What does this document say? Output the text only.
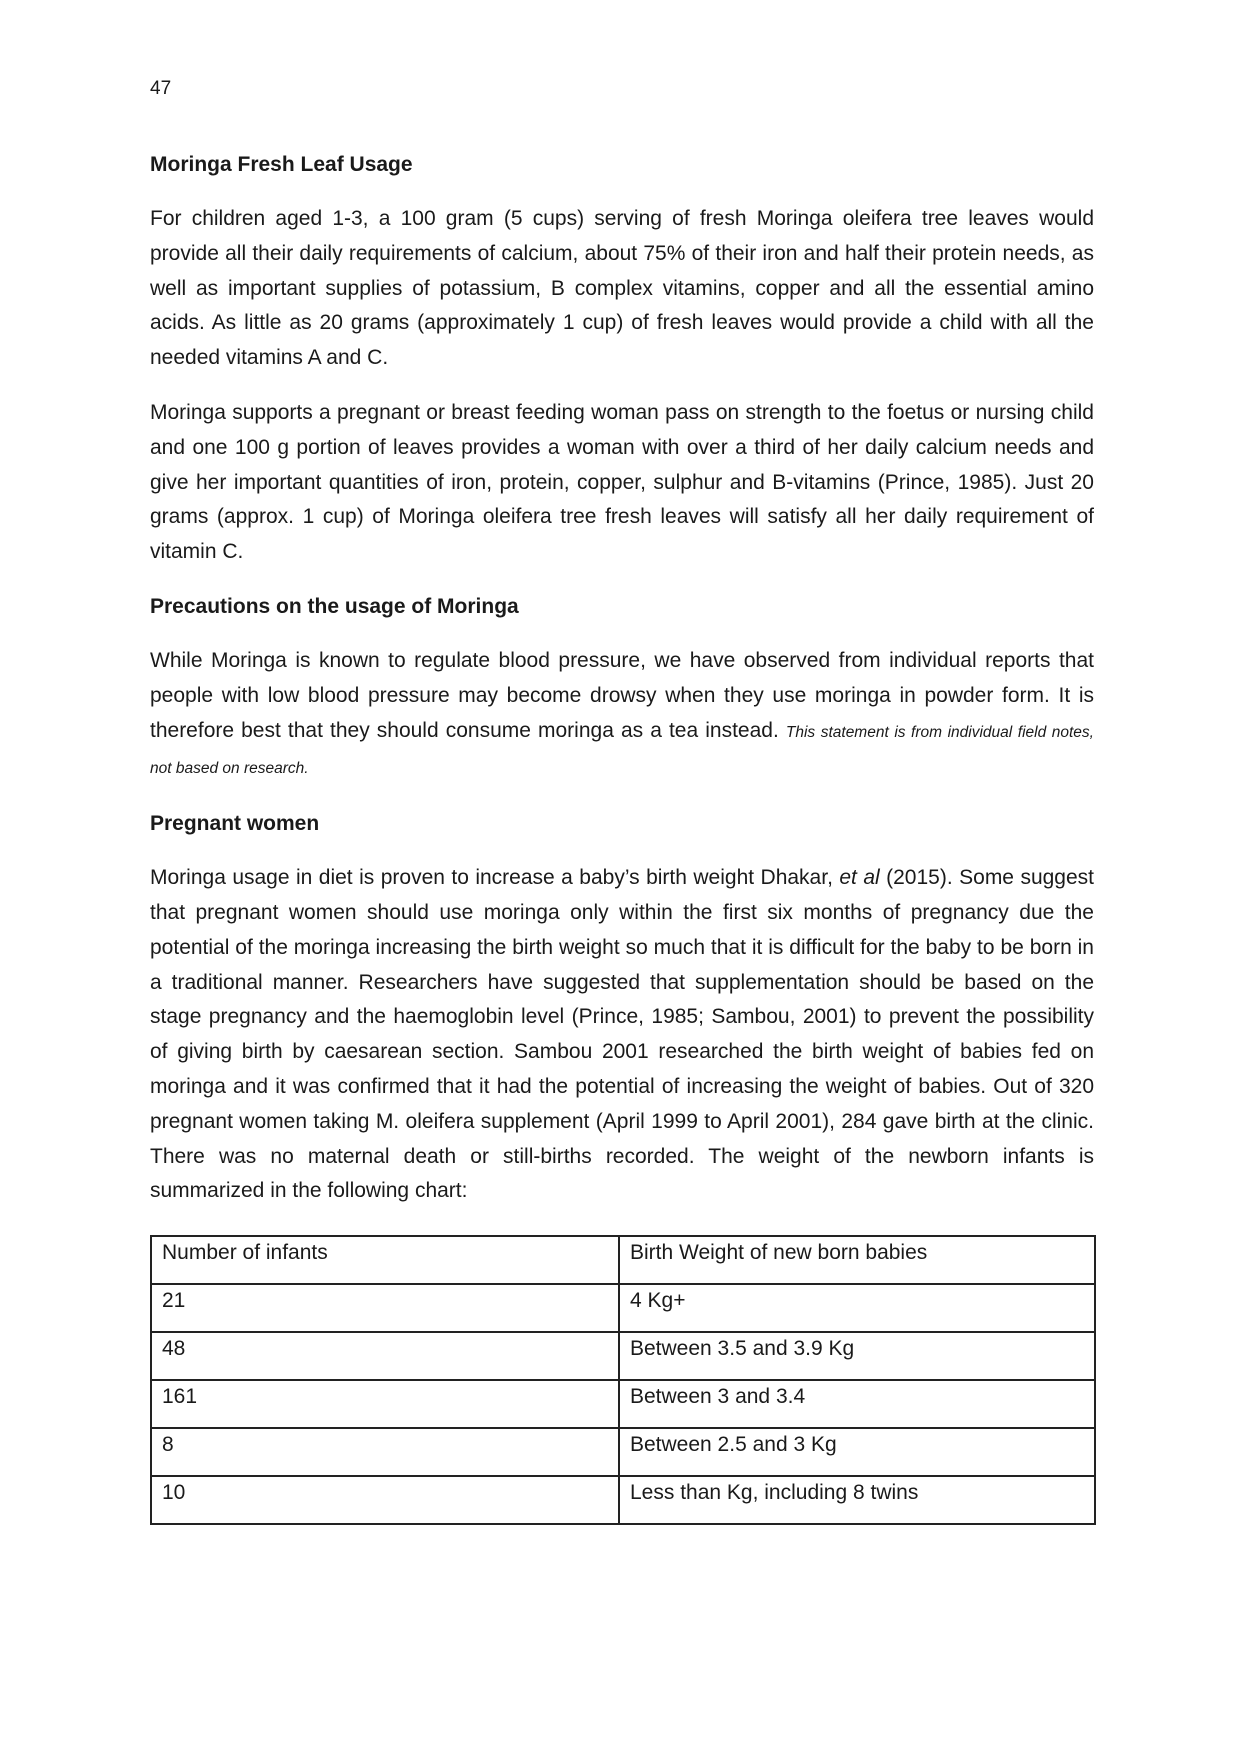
47
Moringa Fresh Leaf Usage

For children aged 1-3, a 100 gram (5 cups) serving of fresh Moringa oleifera tree leaves would provide all their daily requirements of calcium, about 75% of their iron and half their protein needs, as well as important supplies of potassium, B complex vitamins, copper and all the essential amino acids. As little as 20 grams (approximately 1 cup) of fresh leaves would provide a child with all the needed vitamins A and C.

Moringa supports a pregnant or breast feeding woman pass on strength to the foetus or nursing child and one 100 g portion of leaves provides a woman with over a third of her daily calcium needs and give her important quantities of iron, protein, copper, sulphur and B-vitamins (Prince, 1985). Just 20 grams (approx. 1 cup) of Moringa oleifera tree fresh leaves will satisfy all her daily requirement of vitamin C.

Precautions on the usage of Moringa

While Moringa is known to regulate blood pressure, we have observed from individual reports that people with low blood pressure may become drowsy when they use moringa in powder form. It is therefore best that they should consume moringa as a tea instead. This statement is from individual field notes, not based on research.

Pregnant women

Moringa usage in diet is proven to increase a baby’s birth weight Dhakar, et al (2015). Some suggest that pregnant women should use moringa only within the first six months of pregnancy due the potential of the moringa increasing the birth weight so much that it is difficult for the baby to be born in a traditional manner. Researchers have suggested that supplementation should be based on the stage pregnancy and the haemoglobin level (Prince, 1985; Sambou, 2001) to prevent the possibility of giving birth by caesarean section. Sambou 2001 researched the birth weight of babies fed on moringa and it was confirmed that it had the potential of increasing the weight of babies. Out of 320 pregnant women taking M. oleifera supplement (April 1999 to April 2001), 284 gave birth at the clinic. There was no maternal death or still-births recorded. The weight of the newborn infants is summarized in the following chart:

Number of infants	Birth Weight of new born babies
21	4 Kg+
48	Between 3.5 and 3.9 Kg
161	Between 3 and 3.4
8	Between 2.5 and 3 Kg
10	Less than Kg, including 8 twins
